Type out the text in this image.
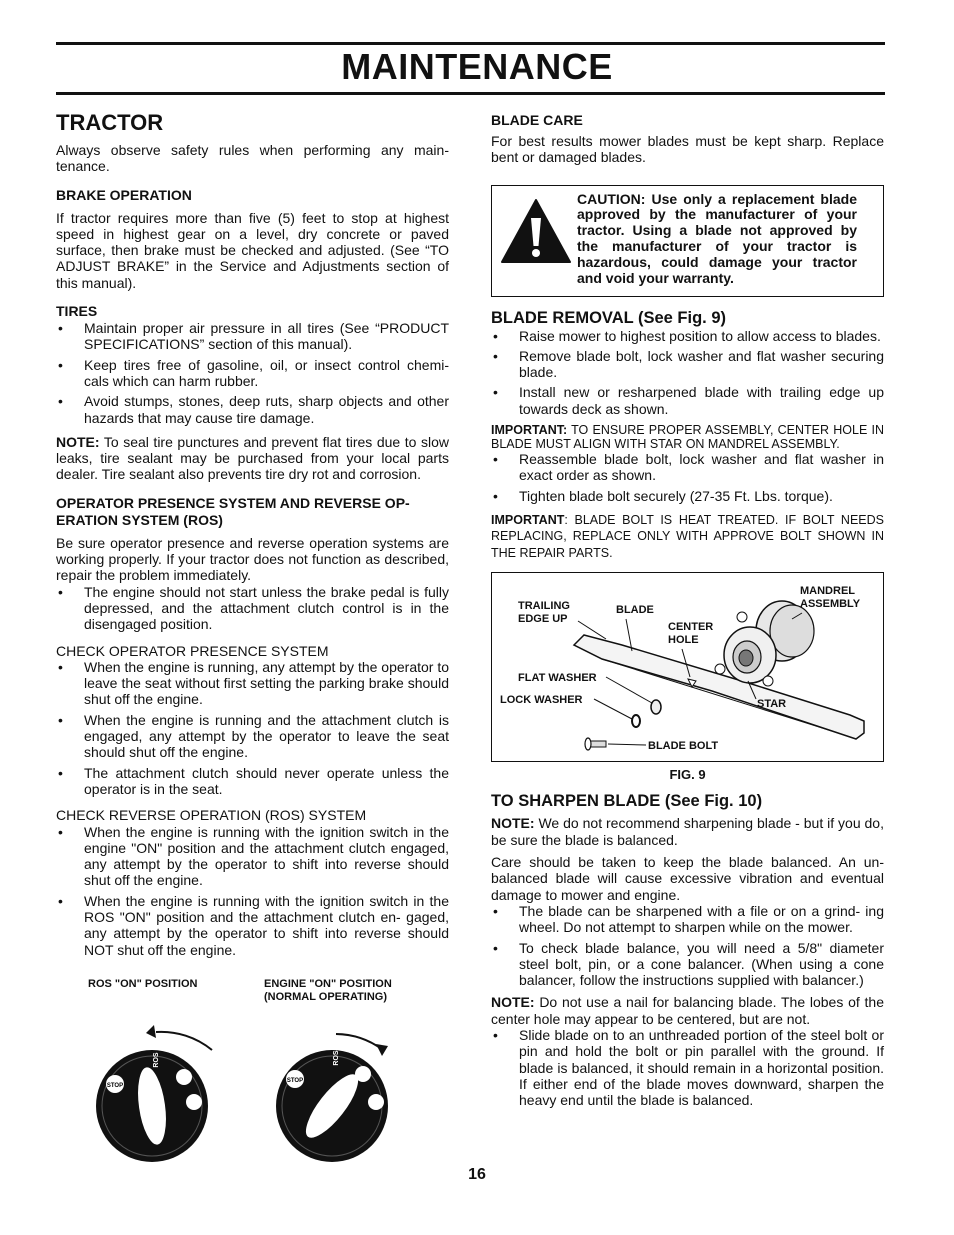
MAINTENANCE
TRACTOR

Always observe safety rules when performing any main- tenance.

BRAKE OPERATION

If tractor requires more than five (5) feet to stop at highest speed in highest gear on a level, dry concrete or paved surface, then brake must be checked and adjusted. (See “TO ADJUST BRAKE” in the Service and Adjustments section of this manual).

TIRES
• Maintain proper air pressure in all tires (See “PRODUCT SPECIFICATIONS” section of this manual).
• Keep tires free of gasoline, oil, or insect control chemi- cals which can harm rubber.
• Avoid stumps, stones, deep ruts, sharp objects and other hazards that may cause tire damage.

NOTE: To seal tire punctures and prevent flat tires due to slow leaks, tire sealant may be purchased from your local parts dealer. Tire sealant also prevents tire dry rot and corrosion.

OPERATOR PRESENCE SYSTEM AND REVERSE OP- ERATION SYSTEM (ROS)

Be sure operator presence and reverse operation systems are working properly. If your tractor does not function as described, repair the problem immediately.

• The engine should not start unless the brake pedal is fully depressed, and the attachment clutch control is in the disengaged position.

CHECK OPERATOR PRESENCE SYSTEM

• When the engine is running, any attempt by the operator to leave the seat without first setting the parking brake should shut off the engine.
• When the engine is running and the attachment clutch is engaged, any attempt by the operator to leave the seat should shut off the engine.
• The attachment clutch should never operate unless the operator is in the seat.

CHECK REVERSE OPERATION (ROS) SYSTEM

• When the engine is running with the ignition switch in the engine "ON" position and the attachment clutch engaged, any attempt by the operator to shift into reverse should shut off the engine.
• When the engine is running with the ignition switch in the ROS "ON" position and the attachment clutch en- gaged, any attempt by the operator to shift into reverse should NOT shut off the engine.
ROS "ON" POSITION	ENGINE "ON" POSITION
(NORMAL OPERATING)
STOP
ROS
STOP
ROS
BLADE CARE

For best results mower blades must be kept sharp. Replace bent or damaged blades.

CAUTION: Use only a replacement blade approved by the manufacturer of your tractor. Using a blade not approved by the manufacturer of your tractor is hazardous, could damage your tractor and void your warranty.
BLADE REMOVAL (See Fig. 9)
• Raise mower to highest position to allow access to blades.
• Remove blade bolt, lock washer and flat washer securing blade.
• Install new or resharpened blade with trailing edge up towards deck as shown.

IMPORTANT: TO ENSURE PROPER ASSEMBLY, CENTER HOLE IN BLADE MUST ALIGN WITH STAR ON MANDREL ASSEMBLY.

• Reassemble blade bolt, lock washer and flat washer in exact order as shown.
• Tighten blade bolt securely (27-35 Ft. Lbs. torque).

IMPORTANT: BLADE BOLT IS HEAT TREATED. IF BOLT NEEDS REPLACING, REPLACE ONLY WITH APPROVE BOLT SHOWN IN THE REPAIR PARTS.

TRAILING
EDGE UP
BLADE
CENTER
HOLE
MANDREL
ASSEMBLY
FLAT WASHER
LOCK WASHER	STAR
BLADE BOLT
FIG. 9
TO SHARPEN BLADE (See Fig. 10)

NOTE: We do not recommend sharpening blade - but if you do, be sure the blade is balanced.

Care should be taken to keep the blade balanced. An un- balanced blade will cause excessive vibration and eventual damage to mower and engine.

• The blade can be sharpened with a file or on a grind- ing wheel. Do not attempt to sharpen while on the mower.
• To check blade balance, you will need a 5/8" diameter steel bolt, pin, or a cone balancer. (When using a cone balancer, follow the instructions supplied with balancer.)

NOTE: Do not use a nail for balancing blade. The lobes of the center hole may appear to be centered, but are not.

• Slide blade on to an unthreaded portion of the steel bolt or pin and hold the bolt or pin parallel with the ground. If blade is balanced, it should remain in a horizontal position. If either end of the blade moves downward, sharpen the heavy end until the blade is balanced.
16
